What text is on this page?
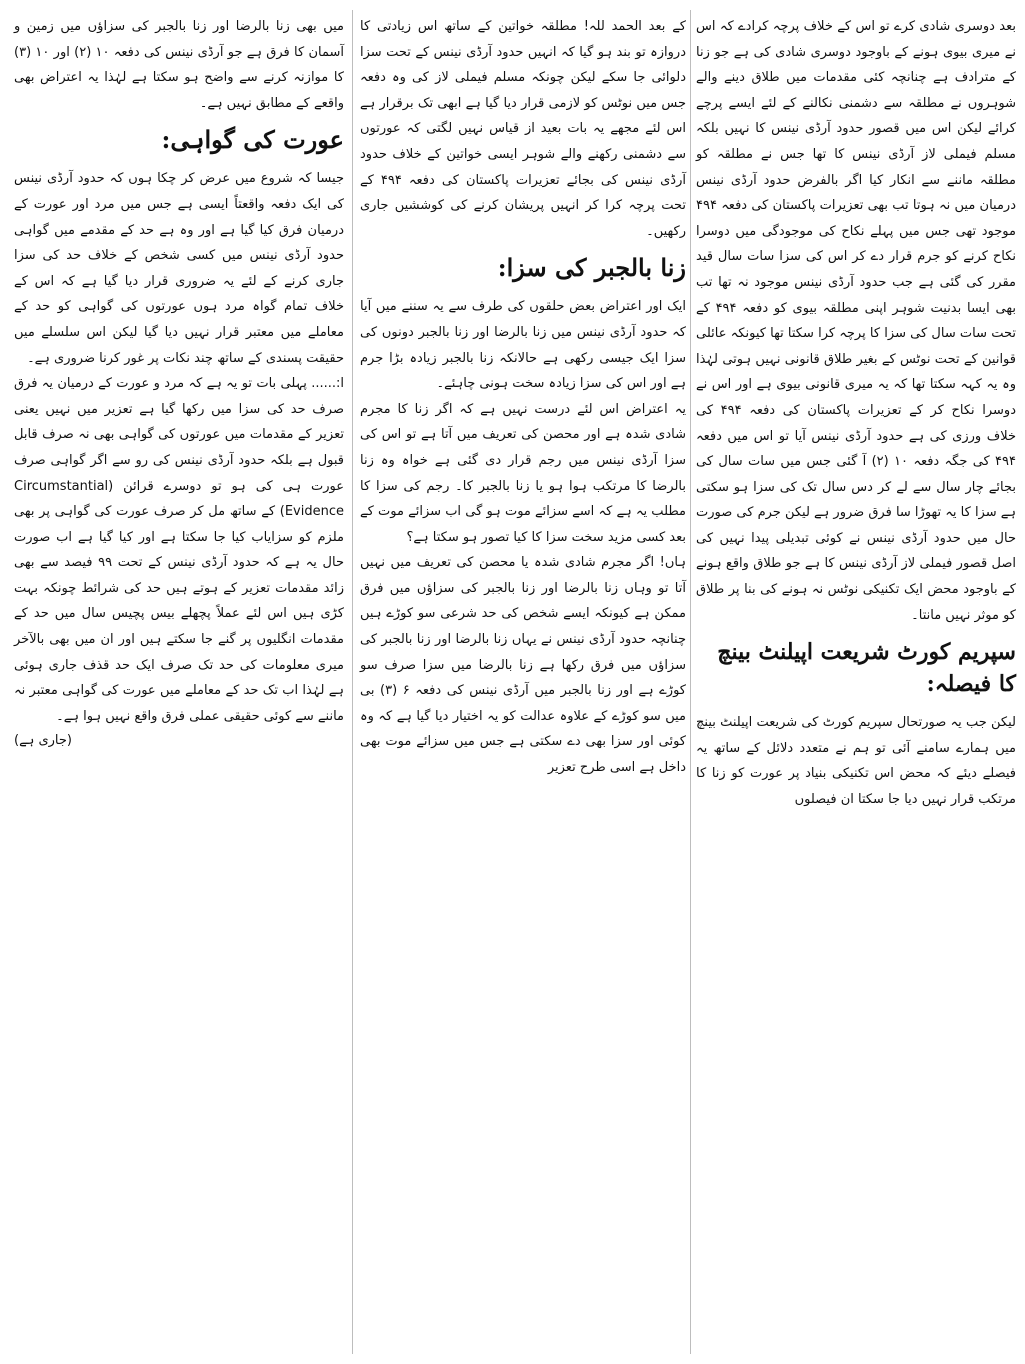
بعد دوسری شادی کرے تو اس کے خلاف پرچہ کرادے کہ اس نے میری بیوی ہونے کے باوجود دوسری شادی کی ہے جو زنا کے مترادف ہے چنانچہ کئی مقدمات میں طلاق دینے والے شوہروں نے مطلقہ سے دشمنی نکالنے کے لئے ایسے پرچے کرائے لیکن اس میں قصور حدود آرڈی نینس کا نہیں بلکہ مسلم فیملی لاز آرڈی نینس کا تھا جس نے مطلقہ کو مطلقہ ماننے سے انکار کیا اگر بالفرض حدود آرڈی نینس درمیان میں نہ ہوتا تب بھی تعزیرات پاکستان کی دفعہ ۴۹۴ موجود تھی جس میں پہلے نکاح کی موجودگی میں دوسرا نکاح کرنے کو جرم قرار دے کر اس کی سزا سات سال قید مقرر کی گئی ہے جب حدود آرڈی نینس موجود نہ تھا تب بھی ایسا بدنیت شوہر اپنی مطلقہ بیوی کو دفعہ ۴۹۴ کے تحت سات سال کی سزا کا پرچہ کرا سکتا تھا کیونکہ عائلی قوانین کے تحت نوٹس کے بغیر طلاق قانونی نہیں ہوتی لہٰذا وہ یہ کہہ سکتا تھا کہ یہ میری قانونی بیوی ہے اور اس نے دوسرا نکاح کر کے تعزیرات پاکستان کی دفعہ ۴۹۴ کی خلاف ورزی کی ہے حدود آرڈی نینس آیا تو اس میں دفعہ ۴۹۴ کی جگہ دفعہ ۱۰ (۲) آ گئی جس میں سات سال کی بجائے چار سال سے لے کر دس سال تک کی سزا ہو سکتی ہے سزا کا یہ تھوڑا سا فرق ضرور ہے لیکن جرم کی صورت حال میں حدود آرڈی نینس نے کوئی تبدیلی پیدا نہیں کی اصل قصور فیملی لاز آرڈی نینس کا ہے جو طلاق واقع ہونے کے باوجود محض ایک تکنیکی نوٹس نہ ہونے کی بنا پر طلاق کو موثر نہیں مانتا۔

سپریم کورٹ شریعت اپیلنٹ بینچ کا فیصلہ:

لیکن جب یہ صورتحال سپریم کورٹ کی شریعت اپیلنٹ بینچ میں ہمارے سامنے آئی تو ہم نے متعدد دلائل کے ساتھ یہ فیصلے دیئے کہ محض اس تکنیکی بنیاد پر عورت کو زنا کا مرتکب قرار نہیں دیا جا سکتا ان فیصلوں

کے بعد الحمد للہ! مطلقہ خواتین کے ساتھ اس زیادتی کا دروازہ تو بند ہو گیا کہ انہیں حدود آرڈی نینس کے تحت سزا دلوائی جا سکے لیکن چونکہ مسلم فیملی لاز کی وہ دفعہ جس میں نوٹس کو لازمی قرار دیا گیا ہے ابھی تک برقرار ہے اس لئے مجھے یہ بات بعید از قیاس نہیں لگتی کہ عورتوں سے دشمنی رکھنے والے شوہر ایسی خواتین کے خلاف حدود آرڈی نینس کی بجائے تعزیرات پاکستان کی دفعہ ۴۹۴ کے تحت پرچہ کرا کر انہیں پریشان کرنے کی کوششیں جاری رکھیں۔

زنا بالجبر کی سزا:

ایک اور اعتراض بعض حلقوں کی طرف سے یہ سننے میں آیا کہ حدود آرڈی نینس میں زنا بالرضا اور زنا بالجبر دونوں کی سزا ایک جیسی رکھی ہے حالانکہ زنا بالجبر زیادہ بڑا جرم ہے اور اس کی سزا زیادہ سخت ہونی چاہئے۔

یہ اعتراض اس لئے درست نہیں ہے کہ اگر زنا کا مجرم شادی شدہ ہے اور محصن کی تعریف میں آتا ہے تو اس کی سزا آرڈی نینس میں رجم قرار دی گئی ہے خواہ وہ زنا بالرضا کا مرتکب ہوا ہو یا زنا بالجبر کا۔ رجم کی سزا کا مطلب یہ ہے کہ اسے سزائے موت ہو گی اب سزائے موت کے بعد کسی مزید سخت سزا کا کیا تصور ہو سکتا ہے؟

ہاں! اگر مجرم شادی شدہ یا محصن کی تعریف میں نہیں آتا تو وہاں زنا بالرضا اور زنا بالجبر کی سزاؤں میں فرق ممکن ہے کیونکہ ایسے شخص کی حد شرعی سو کوڑے ہیں چنانچہ حدود آرڈی نینس نے یہاں زنا بالرضا اور زنا بالجبر کی سزاؤں میں فرق رکھا ہے زنا بالرضا میں سزا صرف سو کوڑے ہے اور زنا بالجبر میں آرڈی نینس کی دفعہ ۶ (۳) بی میں سو کوڑے کے علاوہ عدالت کو یہ اختیار دیا گیا ہے کہ وہ کوئی اور سزا بھی دے سکتی ہے جس میں سزائے موت بھی داخل ہے اسی طرح تعزیر

میں بھی زنا بالرضا اور زنا بالجبر کی سزاؤں میں زمین و آسمان کا فرق ہے جو آرڈی نینس کی دفعہ ۱۰ (۲) اور ۱۰ (۳) کا موازنہ کرنے سے واضح ہو سکتا ہے لہٰذا یہ اعتراض بھی واقعے کے مطابق نہیں ہے۔

عورت کی گواہی:

جیسا کہ شروع میں عرض کر چکا ہوں کہ حدود آرڈی نینس کی ایک دفعہ واقعتاً ایسی ہے جس میں مرد اور عورت کے درمیان فرق کیا گیا ہے اور وہ ہے حد کے مقدمے میں گواہی حدود آرڈی نینس میں کسی شخص کے خلاف حد کی سزا جاری کرنے کے لئے یہ ضروری قرار دیا گیا ہے کہ اس کے خلاف تمام گواہ مرد ہوں عورتوں کی گواہی کو حد کے معاملے میں معتبر قرار نہیں دیا گیا لیکن اس سلسلے میں حقیقت پسندی کے ساتھ چند نکات پر غور کرنا ضروری ہے۔

ا:...... پہلی بات تو یہ ہے کہ مرد و عورت کے درمیان یہ فرق صرف حد کی سزا میں رکھا گیا ہے تعزیر میں نہیں یعنی تعزیر کے مقدمات میں عورتوں کی گواہی بھی نہ صرف قابل قبول ہے بلکہ حدود آرڈی نینس کی رو سے اگر گواہی صرف عورت ہی کی ہو تو دوسرے قرائن (Circumstantial Evidence) کے ساتھ مل کر صرف عورت کی گواہی پر بھی ملزم کو سزایاب کیا جا سکتا ہے اور کیا گیا ہے اب صورت حال یہ ہے کہ حدود آرڈی نینس کے تحت ۹۹ فیصد سے بھی زائد مقدمات تعزیر کے ہوتے ہیں حد کی شرائط چونکہ بہت کڑی ہیں اس لئے عملاً پچھلے بیس پچیس سال میں حد کے مقدمات انگلیوں پر گنے جا سکتے ہیں اور ان میں بھی بالآخر میری معلومات کی حد تک صرف ایک حد قذف جاری ہوئی ہے لہٰذا اب تک حد کے معاملے میں عورت کی گواہی معتبر نہ ماننے سے کوئی حقیقی عملی فرق واقع نہیں ہوا ہے۔

(جاری ہے)
